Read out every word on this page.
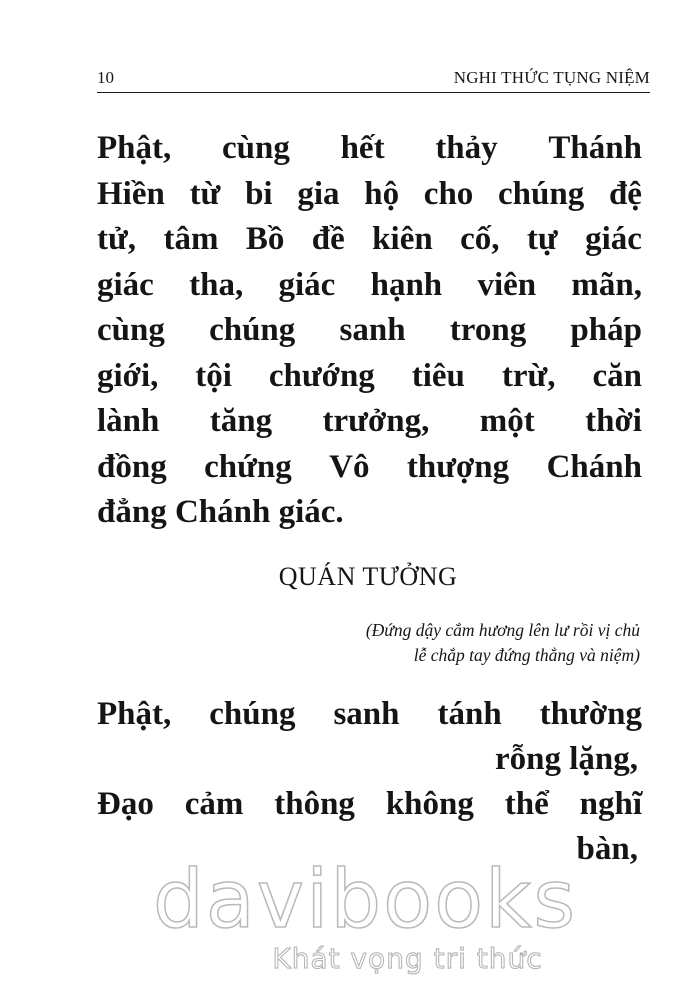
10	NGHI THỨC TỤNG NIỆM
Phật, cùng hết thảy Thánh
Hiền từ bi gia hộ cho chúng đệ
tử, tâm Bồ đề kiên cố, tự giác
giác tha, giác hạnh viên mãn,
cùng chúng sanh trong pháp
giới, tội chướng tiêu trừ, căn
lành tăng trưởng, một thời
đồng chứng Vô thượng Chánh
đẳng Chánh giác.
QUÁN TƯỞNG
(Đứng dậy cắm hương lên lư rồi vị chủ
lễ chắp tay đứng thẳng và niệm)
Phật, chúng sanh tánh thường
rỗng lặng,
Đạo cảm thông không thể nghĩ
bàn,
davibooks
Khát vọng tri thức
